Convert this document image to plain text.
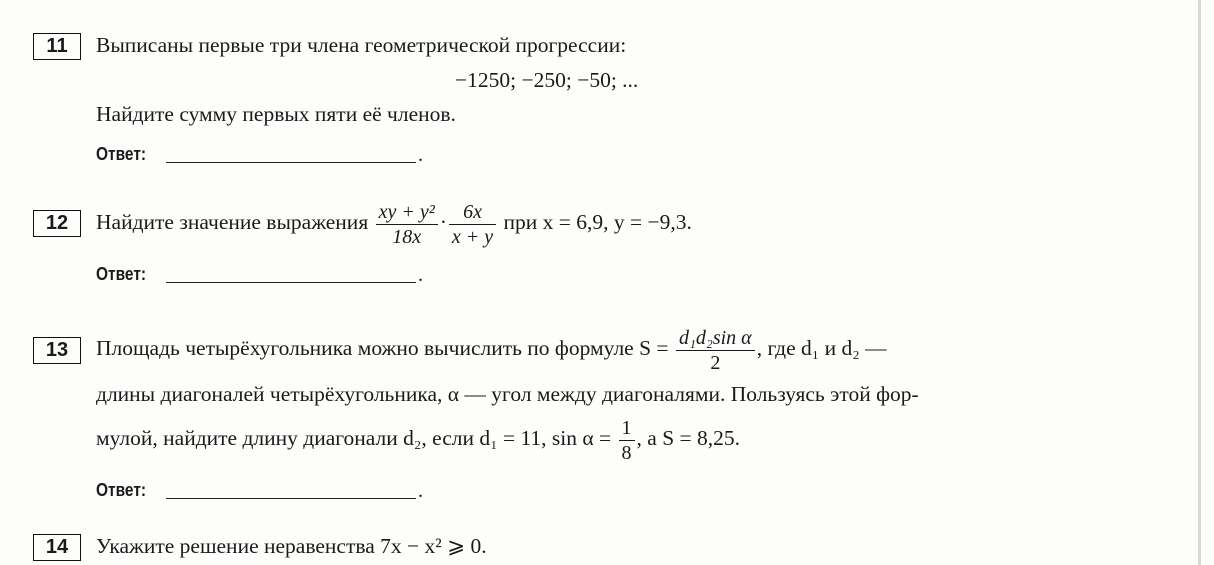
11	Выписаны первые три члена геометрической прогрессии:
−1250; −250; −50; ...
Найдите сумму первых пяти её членов.
Ответ:	.
12	Найдите значение выражения $\frac{\text{xy + y²}}{18x} \cdot \frac{6x}{x + y}$ при x = 6,9, y = −9,3.
Ответ:	.
13	Площадь четырёхугольника можно вычислить по формуле $S = \frac{\text{d₁d₂sin α}}{2}$ , где d₁ и d₂ —
длины диагоналей четырёхугольника, α — угол между диагоналями. Пользуясь этой фор-
мулой, найдите длину диагонали d₂, если d₁ = 11, $\sin \alpha = \frac{1}{8}$ , а S = 8,25.
Ответ:	.
14	Укажите решение неравенства 7x − x² ⩾ 0.
